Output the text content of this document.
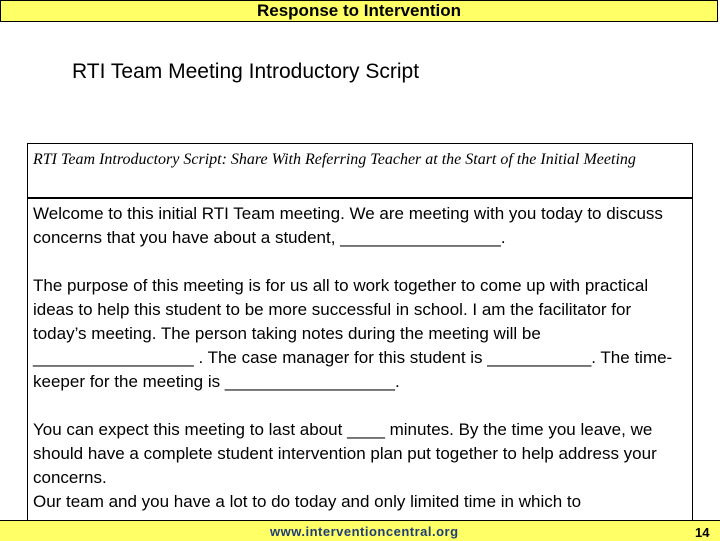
Response to Intervention
RTI Team Meeting Introductory Script
RTI Team Introductory Script: Share With Referring Teacher at the Start of the Initial Meeting

Welcome to this initial RTI Team meeting. We are meeting with you today to discuss concerns that you have about a student, _________________.

The purpose of this meeting is for us all to work together to come up with practical ideas to help this student to be more successful in school. I am the facilitator for today’s meeting. The person taking notes during the meeting will be _________________ . The case manager for this student is ___________. The time-keeper for the meeting is __________________.

You can expect this meeting to last about ____ minutes. By the time you leave, we should have a complete student intervention plan put together to help address your concerns.

Our team and you have a lot to do today and only limited time in which to

www.interventioncentral.org	14
